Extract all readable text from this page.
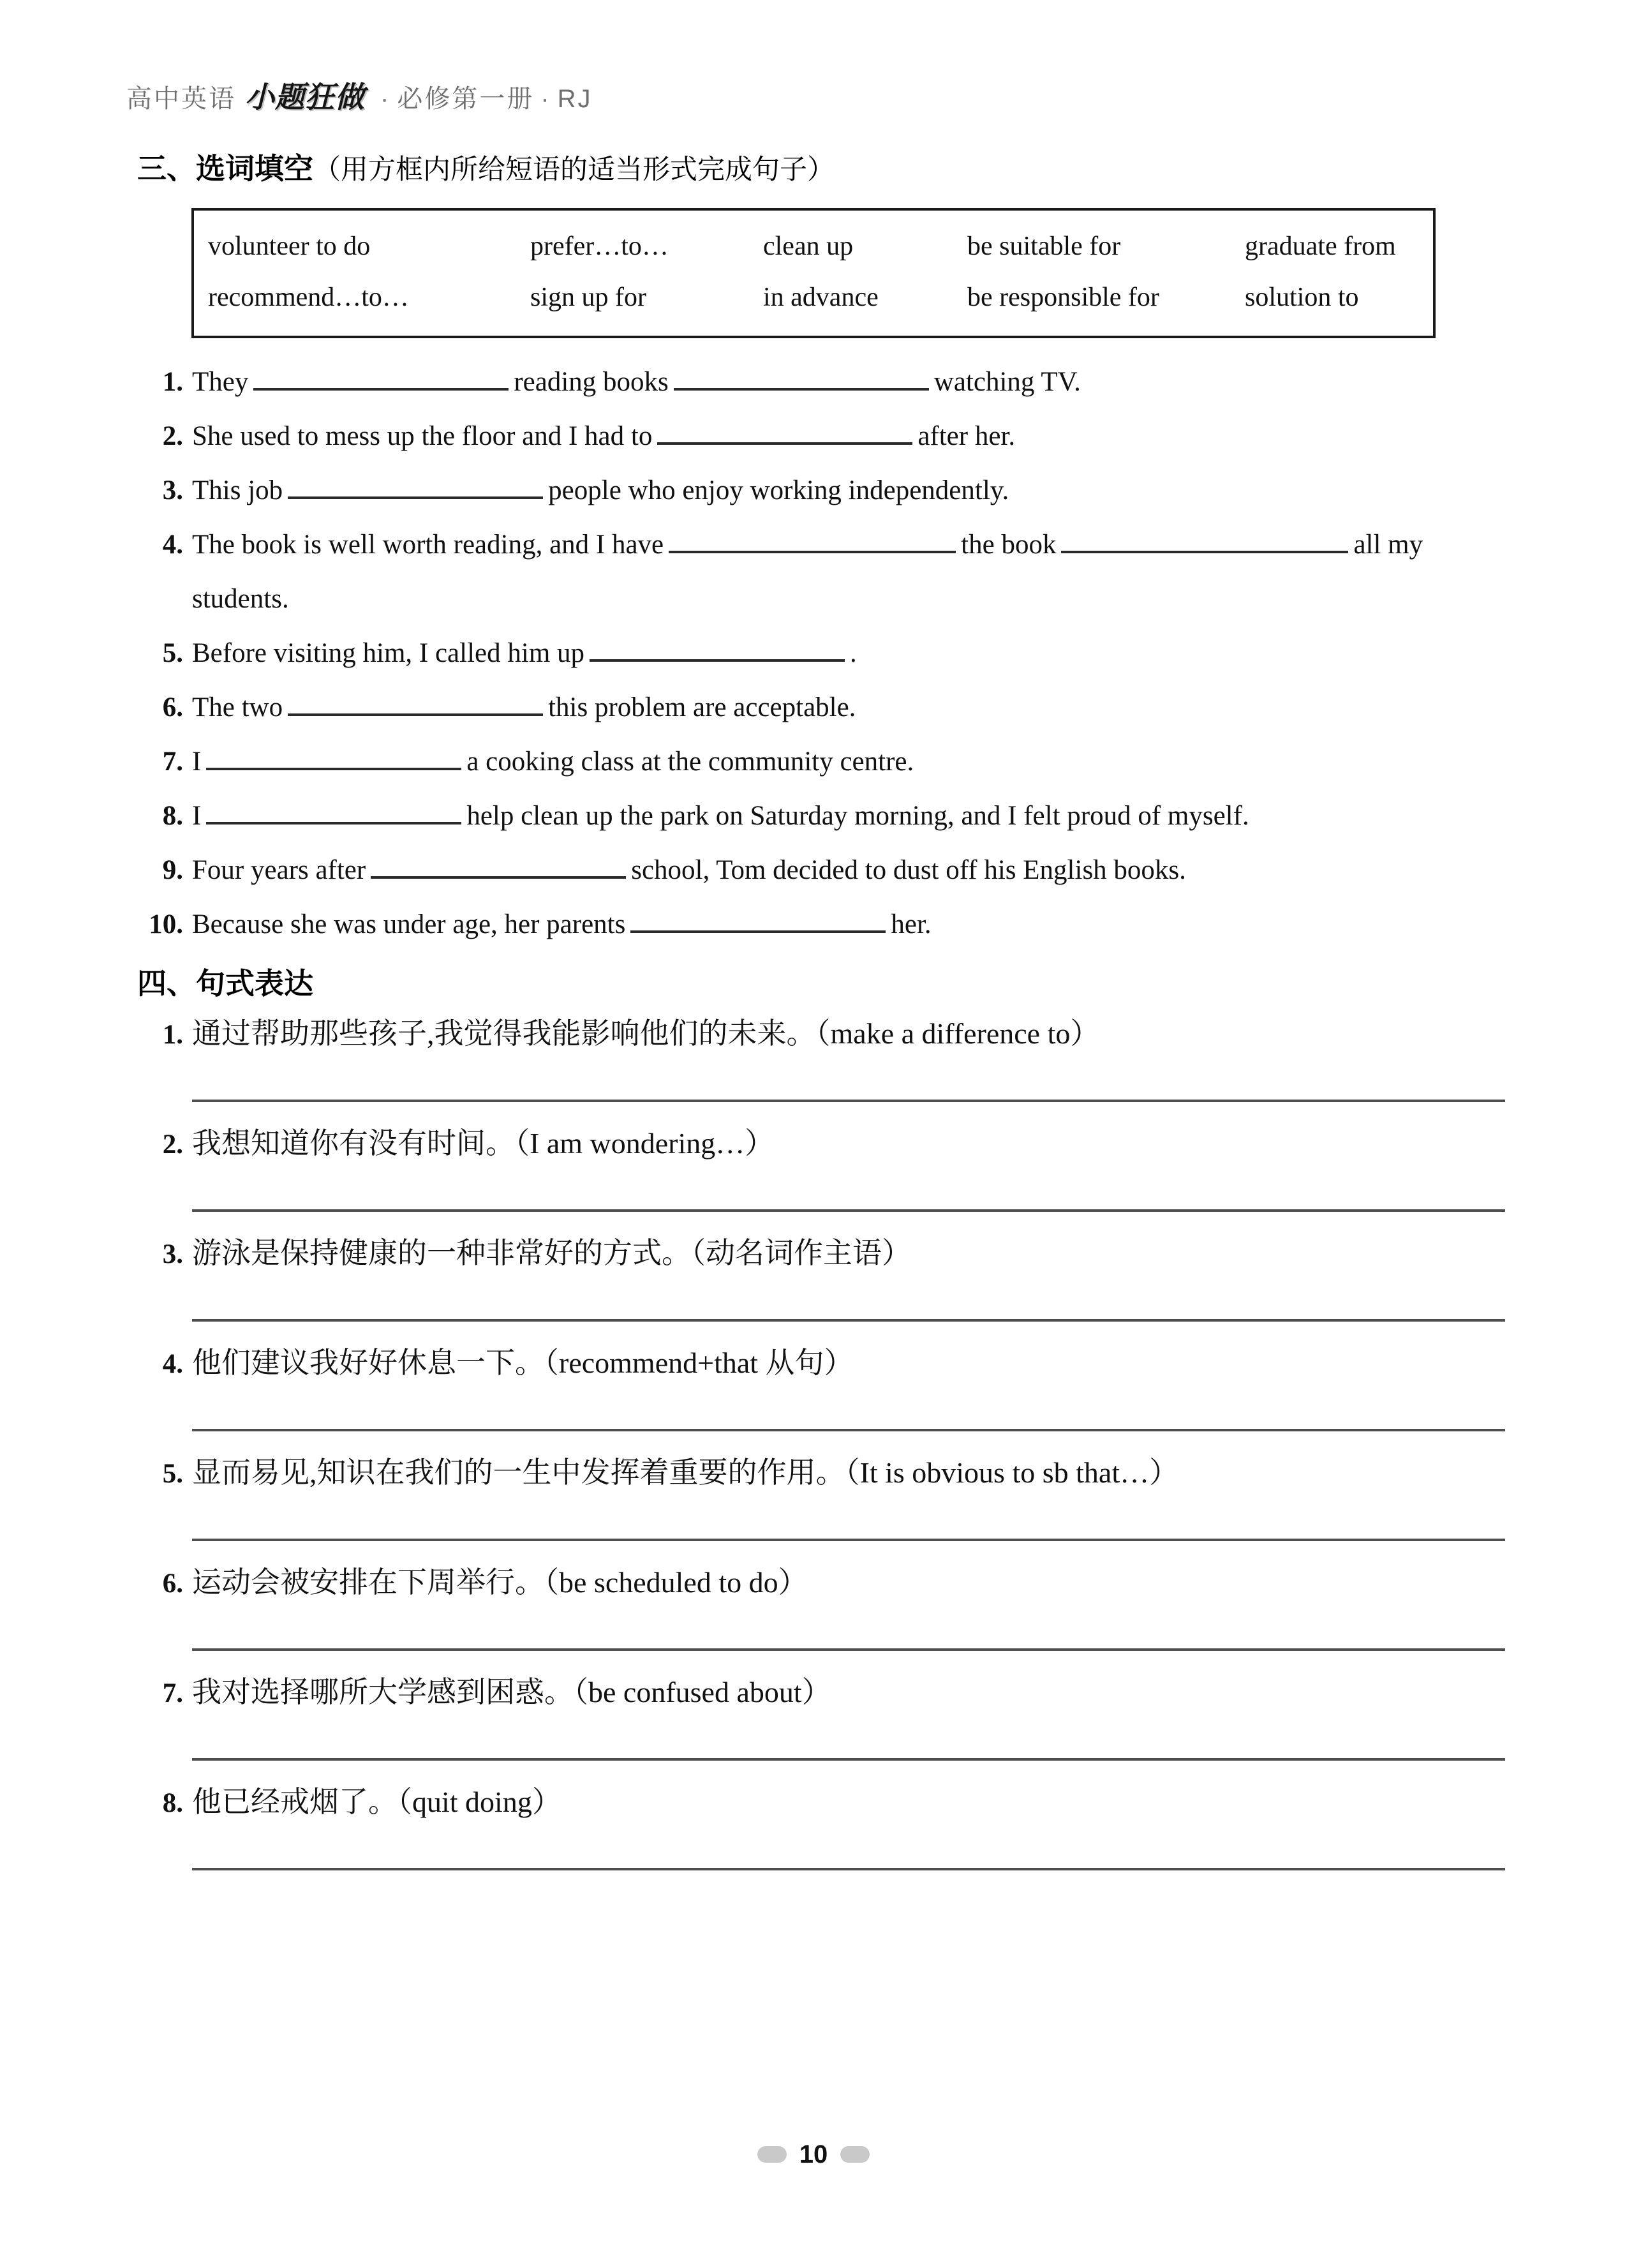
高中英语 小题狂做 · 必修第一册 · RJ
三、选词填空（用方框内所给短语的适当形式完成句子）
volunteer to do	prefer…to…	clean up	be suitable for	graduate from
recommend…to…	sign up for	in advance	be responsible for	solution to
1. They	reading books	watching TV.
2. She used to mess up the floor and I had to	after her.
3. This job	people who enjoy working independently.
4. The book is well worth reading, and I have	the book	all my students.
5. Before visiting him, I called him up	.
6. The two	this problem are acceptable.
7. I	a cooking class at the community centre.
8. I	help clean up the park on Saturday morning, and I felt proud of myself.
9. Four years after	school, Tom decided to dust off his English books.
10. Because she was under age, her parents	her.
四、句式表达
1. 通过帮助那些孩子,我觉得我能影响他们的未来。（make a difference to）
2. 我想知道你有没有时间。（I am wondering…）
3. 游泳是保持健康的一种非常好的方式。（动名词作主语）
4. 他们建议我好好休息一下。（recommend+that 从句）
5. 显而易见,知识在我们的一生中发挥着重要的作用。（It is obvious to sb that…）
6. 运动会被安排在下周举行。（be scheduled to do）
7. 我对选择哪所大学感到困惑。（be confused about）
8. 他已经戒烟了。（quit doing）
10
